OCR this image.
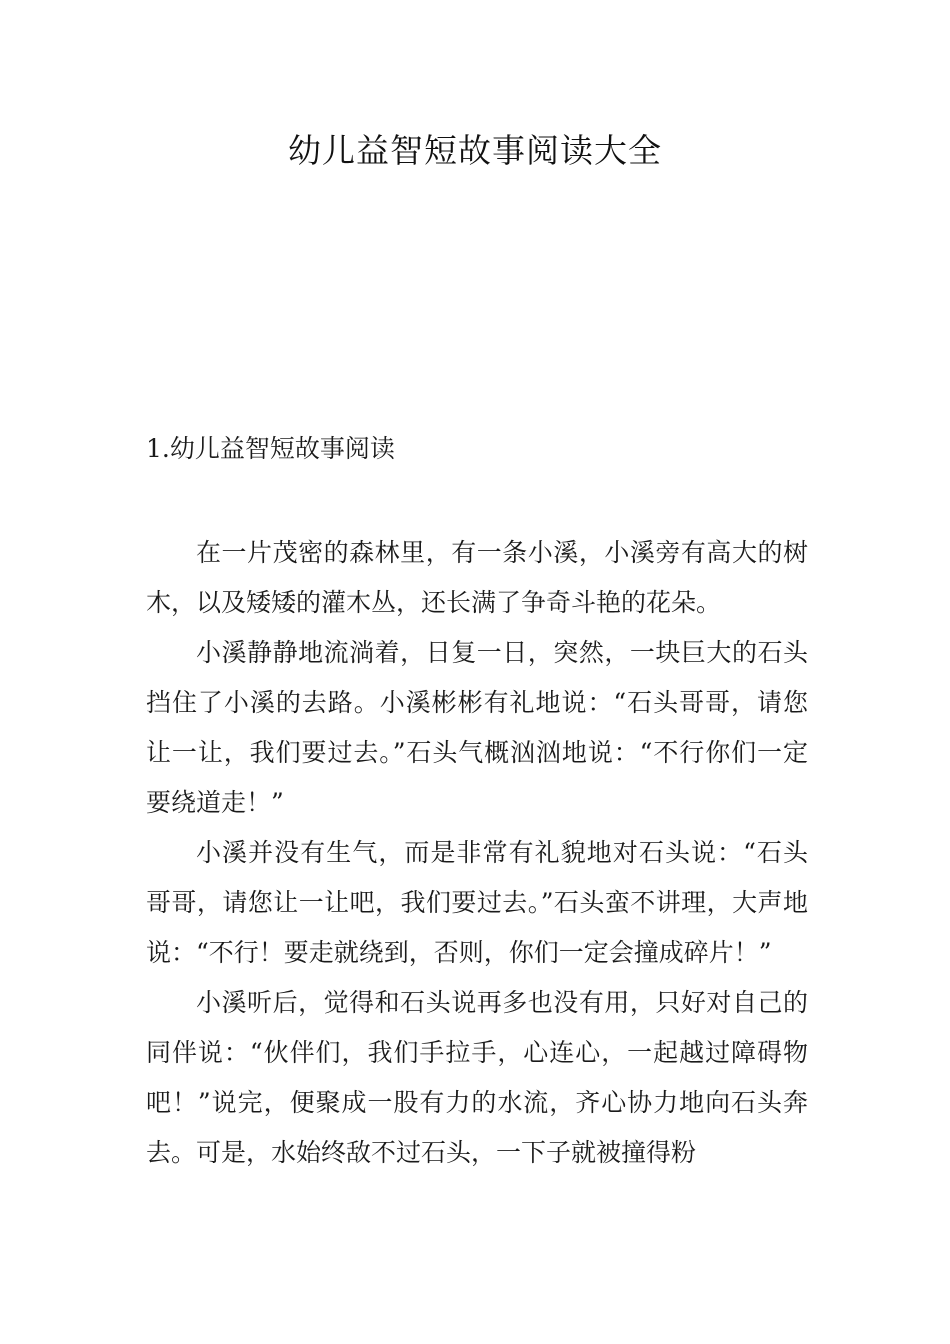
幼儿益智短故事阅读大全
1.幼儿益智短故事阅读

在一片茂密的森林里，有一条小溪，小溪旁有高大的树木，以及矮矮的灌木丛，还长满了争奇斗艳的花朵。

小溪静静地流淌着，日复一日，突然，一块巨大的石头挡住了小溪的去路。小溪彬彬有礼地说：“石头哥哥，请您让一让，我们要过去。”石头气概汹汹地说：“不行你们一定要绕道走！”

小溪并没有生气，而是非常有礼貌地对石头说：“石头哥哥，请您让一让吧，我们要过去。”石头蛮不讲理，大声地说：“不行！要走就绕到，否则，你们一定会撞成碎片！”

小溪听后，觉得和石头说再多也没有用，只好对自己的同伴说：“伙伴们，我们手拉手，心连心，一起越过障碍物吧！”说完，便聚成一股有力的水流，齐心协力地向石头奔去。可是，水始终敌不过石头，一下子就被撞得粉
